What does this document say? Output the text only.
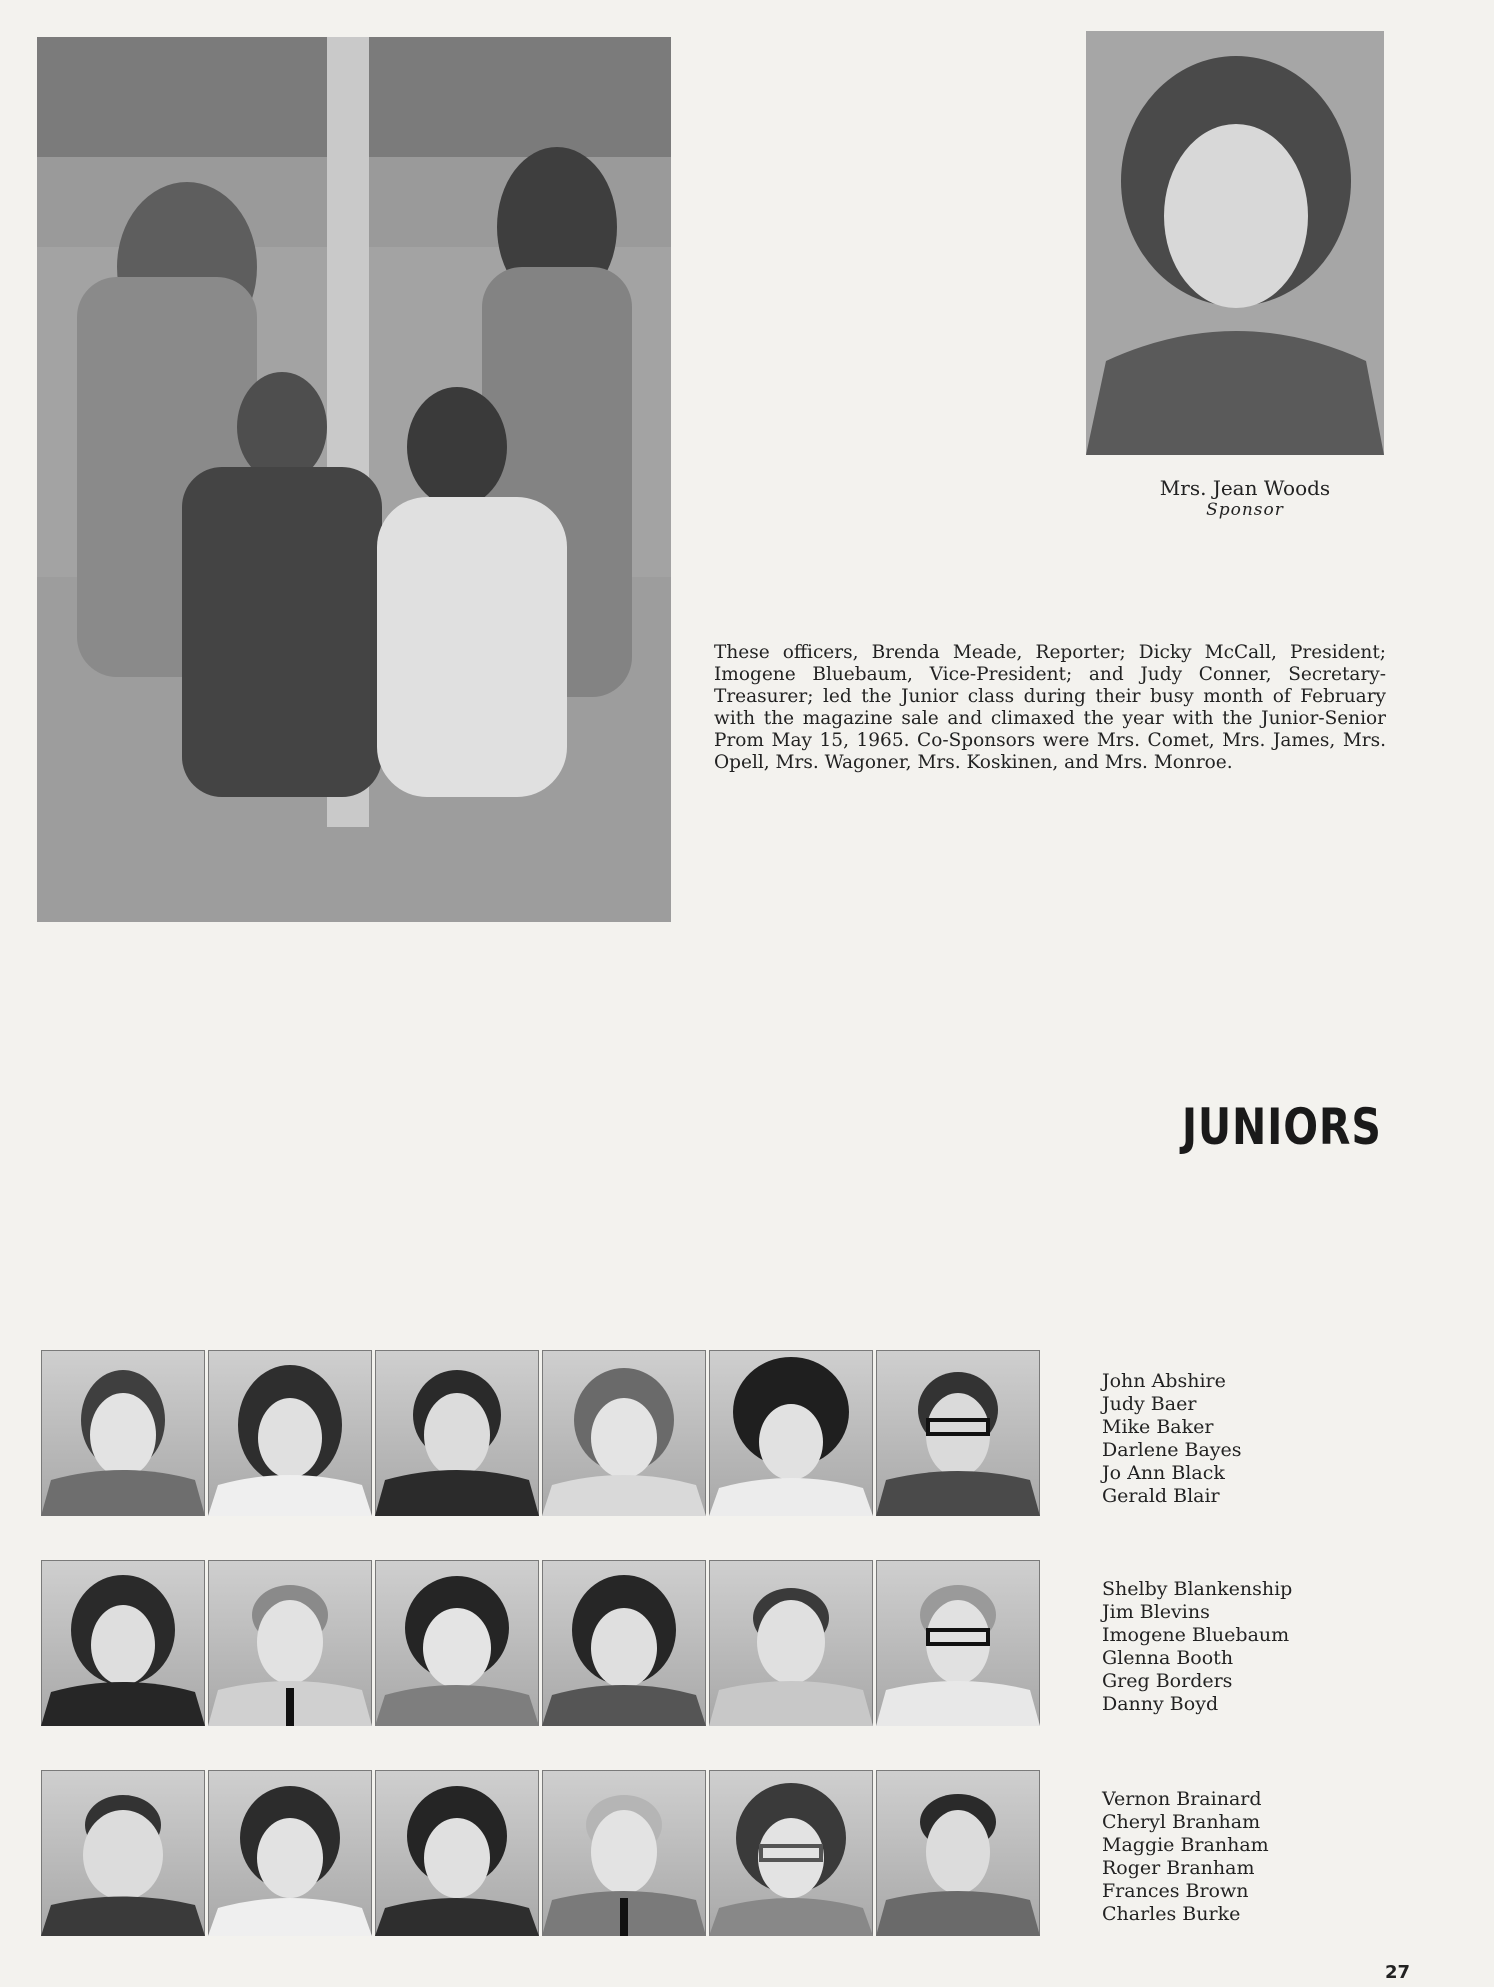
Mrs. Jean Woods
Sponsor
These officers, Brenda Meade, Reporter; Dicky McCall, President; Imogene Bluebaum, Vice-President; and Judy Conner, Secretary-Treasurer; led the Junior class during their busy month of February with the magazine sale and climaxed the year with the Junior-Senior Prom May 15, 1965. Co-Sponsors were Mrs. Comet, Mrs. James, Mrs. Opell, Mrs. Wagoner, Mrs. Koskinen, and Mrs. Monroe.
JUNIORS
John Abshire
Judy Baer
Mike Baker
Darlene Bayes
Jo Ann Black
Gerald Blair
Shelby Blankenship
Jim Blevins
Imogene Bluebaum
Glenna Booth
Greg Borders
Danny Boyd
Vernon Brainard
Cheryl Branham
Maggie Branham
Roger Branham
Frances Brown
Charles Burke
27
